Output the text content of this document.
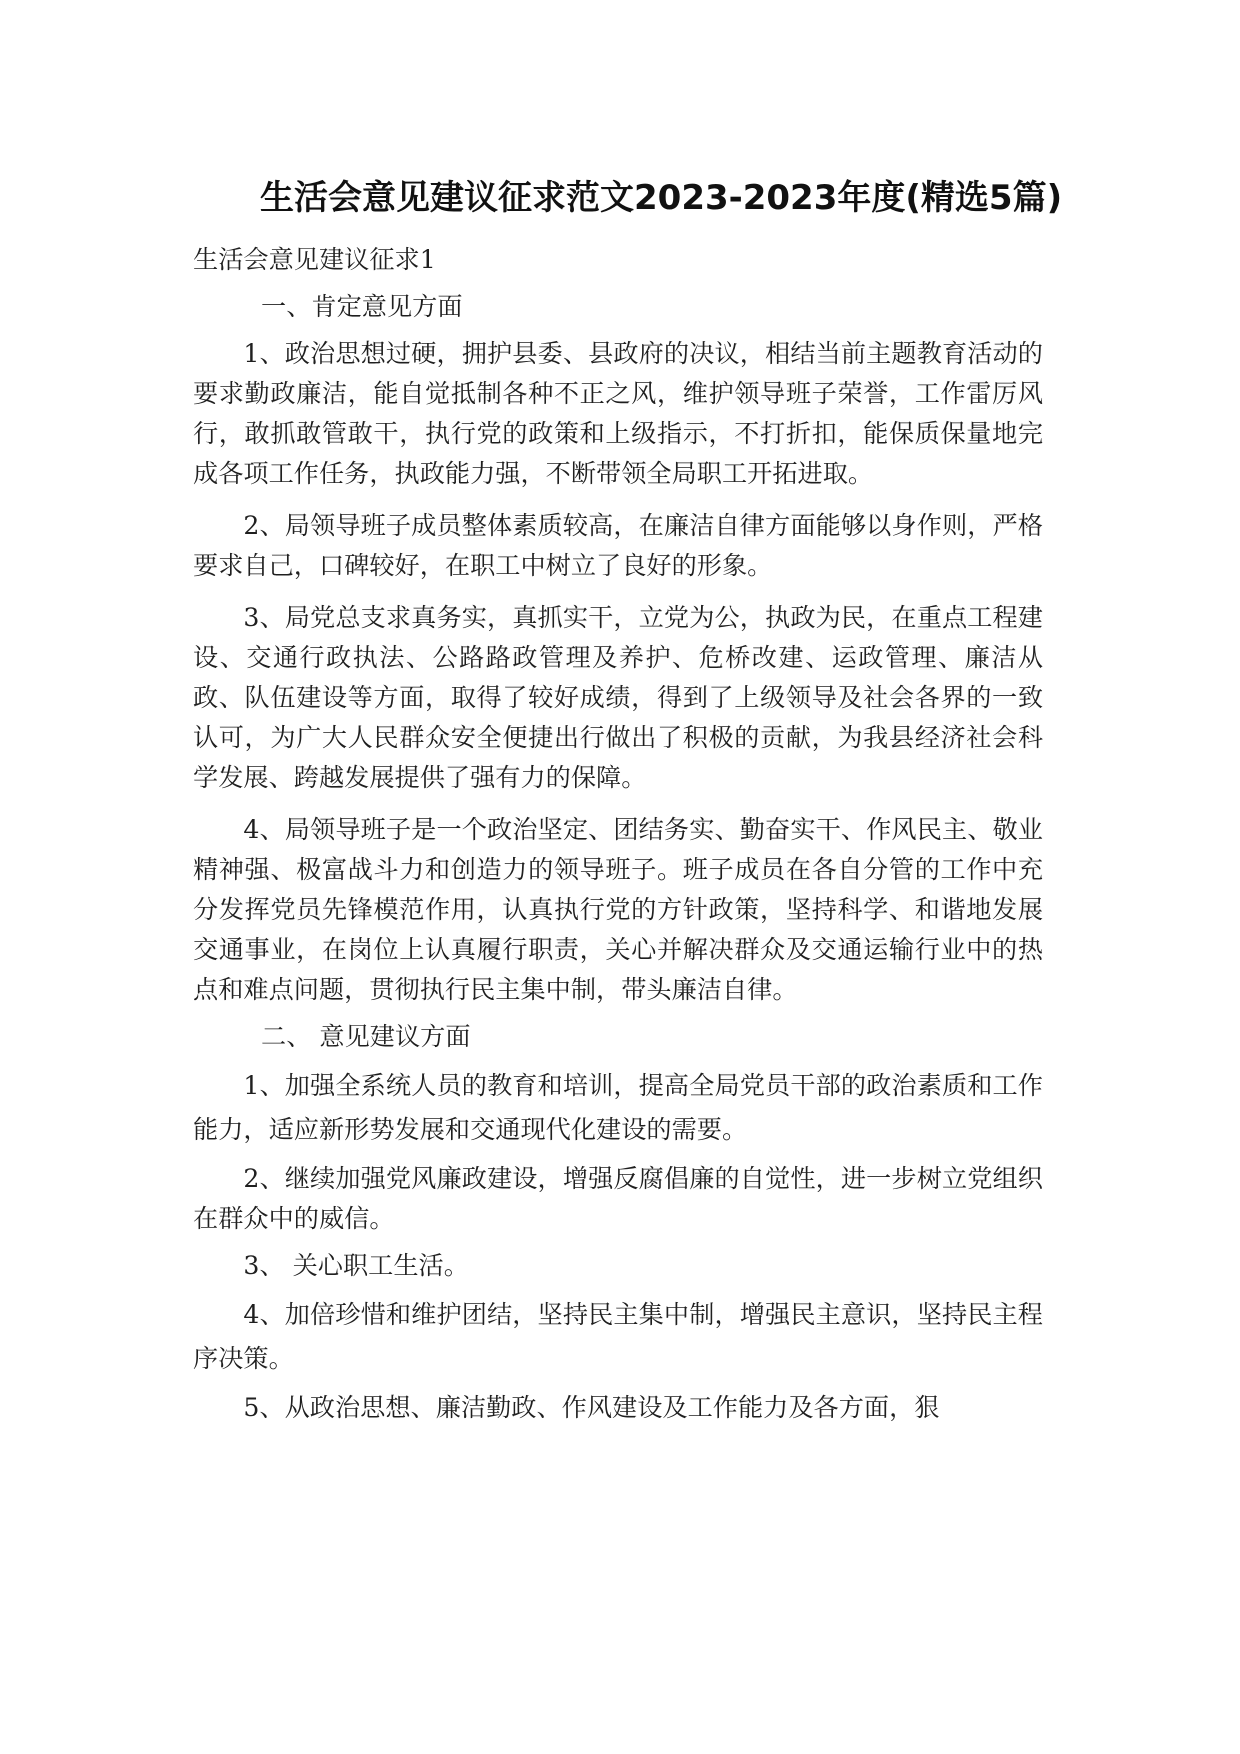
生活会意见建议征求范文2023-2023年度(精选5篇)

生活会意见建议征求1

一、肯定意见方面

1、政治思想过硬，拥护县委、县政府的决议，相结当前主题教育活动的要求勤政廉洁，能自觉抵制各种不正之风，维护领导班子荣誉，工作雷厉风行，敢抓敢管敢干，执行党的政策和上级指示，不打折扣，能保质保量地完成各项工作任务，执政能力强，不断带领全局职工开拓进取。

2、局领导班子成员整体素质较高，在廉洁自律方面能够以身作则，严格要求自己，口碑较好，在职工中树立了良好的形象。

3、局党总支求真务实，真抓实干，立党为公，执政为民，在重点工程建设、交通行政执法、公路路政管理及养护、危桥改建、运政管理、廉洁从政、队伍建设等方面，取得了较好成绩，得到了上级领导及社会各界的一致认可，为广大人民群众安全便捷出行做出了积极的贡献，为我县经济社会科学发展、跨越发展提供了强有力的保障。

4、局领导班子是一个政治坚定、团结务实、勤奋实干、作风民主、敬业精神强、极富战斗力和创造力的领导班子。班子成员在各自分管的工作中充分发挥党员先锋模范作用，认真执行党的方针政策，坚持科学、和谐地发展交通事业，在岗位上认真履行职责，关心并解决群众及交通运输行业中的热点和难点问题，贯彻执行民主集中制，带头廉洁自律。

二、 意见建议方面

1、加强全系统人员的教育和培训，提高全局党员干部的政治素质和工作能力，适应新形势发展和交通现代化建设的需要。

2、继续加强党风廉政建设，增强反腐倡廉的自觉性，进一步树立党组织在群众中的威信。

3、 关心职工生活。

4、加倍珍惜和维护团结，坚持民主集中制，增强民主意识，坚持民主程序决策。

5、从政治思想、廉洁勤政、作风建设及工作能力及各方面，狠
